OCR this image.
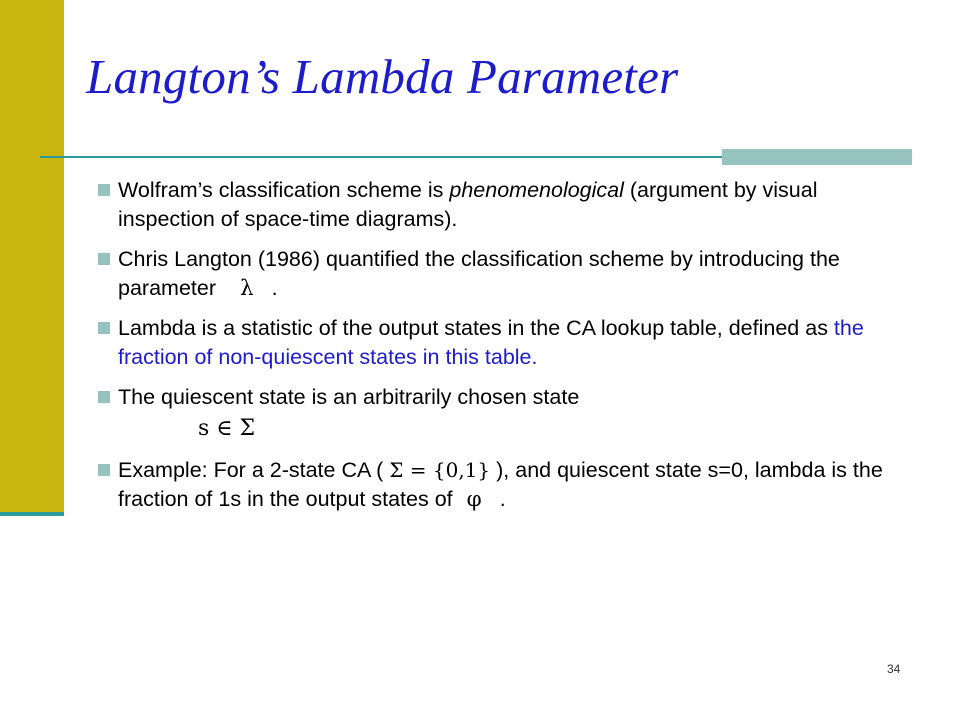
Langton’s Lambda Parameter
Wolfram’s classification scheme is phenomenological (argument by visual inspection of space-time diagrams).
Chris Langton (1986) quantified the classification scheme by introducing the parameter λ .
Lambda is a statistic of the output states in the CA lookup table, defined as the fraction of non-quiescent states in this table.
The quiescent state is an arbitrarily chosen state
s ∈ Σ
Example: For a 2-state CA ( Σ = {0,1} ), and quiescent state s=0, lambda is the fraction of 1s in the output states of φ .
34
